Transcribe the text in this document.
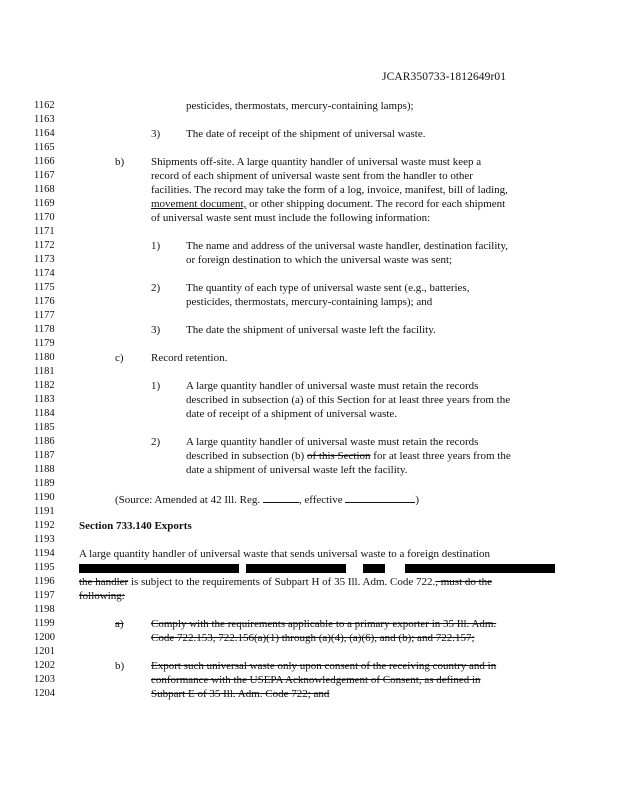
JCAR350733-1812649r01
1162
1163
1164
1165
1166
1167
1168
1169
1170
1171
1172
1173
1174
1175
1176
1177
1178
1179
1180
1181
1182
1183
1184
1185
1186
1187
1188
1189
1190
1191
1192
1193
1194
1195
1196
1197
1198
1199
1200
1201
1202
1203
1204
pesticides, thermostats, mercury-containing lamps);
3) The date of receipt of the shipment of universal waste.
b) Shipments off-site. A large quantity handler of universal waste must keep a
record of each shipment of universal waste sent from the handler to other
facilities. The record may take the form of a log, invoice, manifest, bill of lading,
movement document, or other shipping document. The record for each shipment
of universal waste sent must include the following information:
1) The name and address of the universal waste handler, destination facility,
or foreign destination to which the universal waste was sent;
2) The quantity of each type of universal waste sent (e.g., batteries,
pesticides, thermostats, mercury-containing lamps); and
3) The date the shipment of universal waste left the facility.
c) Record retention.
1) A large quantity handler of universal waste must retain the records
described in subsection (a) of this Section for at least three years from the
date of receipt of a shipment of universal waste.
2) A large quantity handler of universal waste must retain the records
described in subsection (b) of this Section for at least three years from the
date a shipment of universal waste left the facility.
(Source: Amended at 42 Ill. Reg.	, effective	)
Section 733.140 Exports
A large quantity handler of universal waste that sends universal waste to a foreign destination

the handler is subject to the requirements of Subpart H of 35 Ill. Adm. Code 722., must do the
following:
a) Comply with the requirements applicable to a primary exporter in 35 Ill. Adm.
Code 722.153, 722.156(a)(1) through (a)(4), (a)(6), and (b); and 722.157;
b) Export such universal waste only upon consent of the receiving country and in
conformance with the USEPA Acknowledgement of Consent, as defined in
Subpart E of 35 Ill. Adm. Code 722; and
